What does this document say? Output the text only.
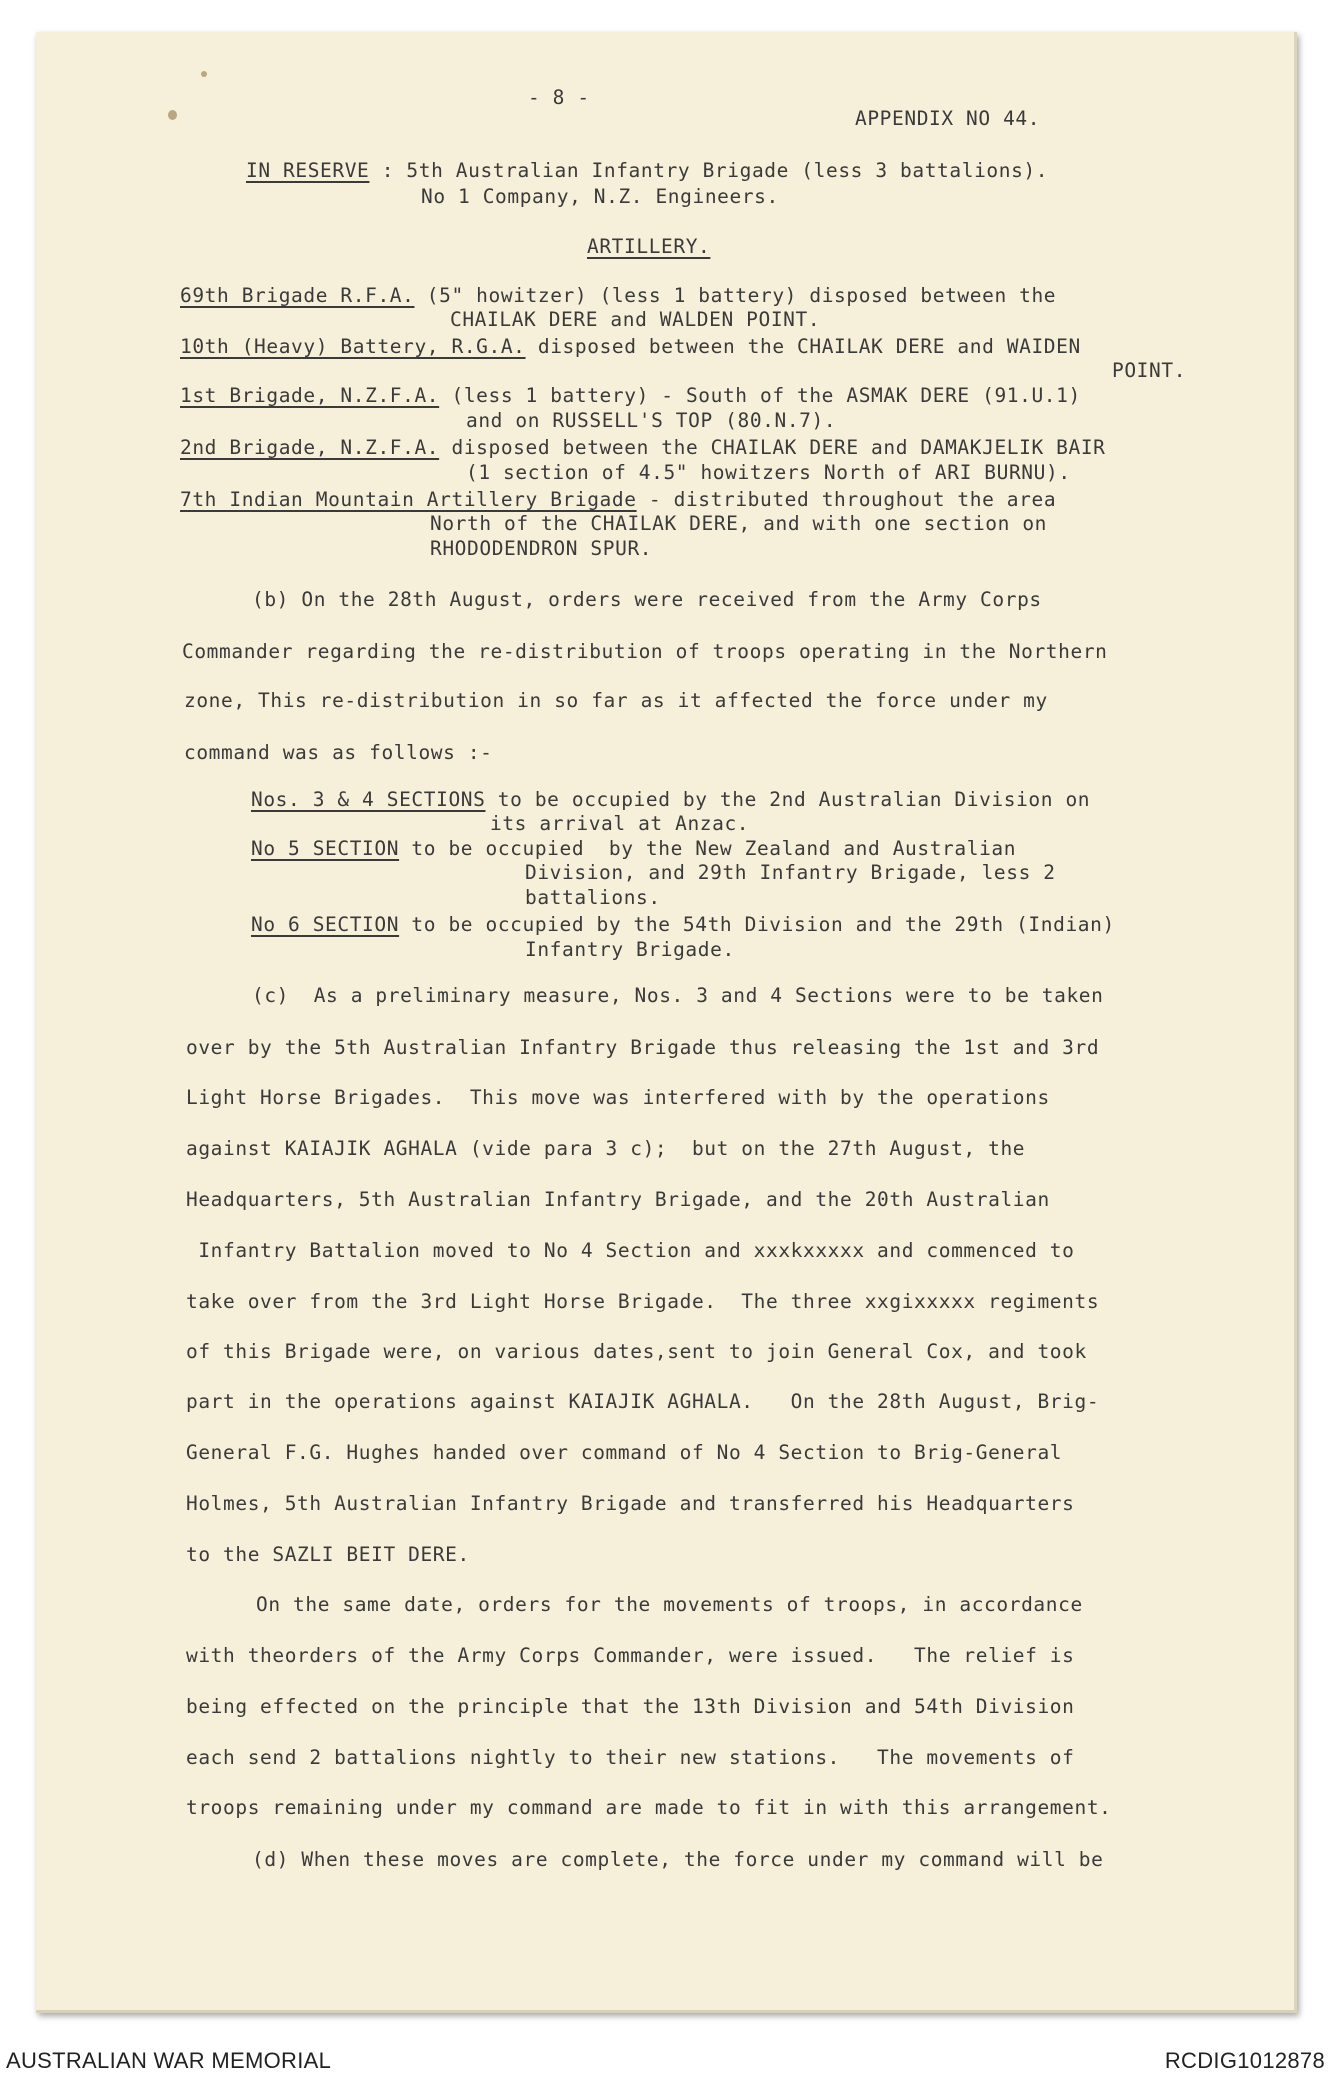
- 8 -
APPENDIX NO 44.
IN RESERVE : 5th Australian Infantry Brigade (less 3 battalions).
No 1 Company, N.Z. Engineers.
ARTILLERY.
69th Brigade R.F.A. (5" howitzer) (less 1 battery) disposed between the
CHAILAK DERE and WALDEN POINT.
10th (Heavy) Battery, R.G.A. disposed between the CHAILAK DERE and WAIDEN
POINT.
1st Brigade, N.Z.F.A. (less 1 battery) - South of the ASMAK DERE (91.U.1)
and on RUSSELL'S TOP (80.N.7).
2nd Brigade, N.Z.F.A. disposed between the CHAILAK DERE and DAMAKJELIK BAIR
(1 section of 4.5" howitzers North of ARI BURNU).
7th Indian Mountain Artillery Brigade - distributed throughout the area
North of the CHAILAK DERE, and with one section on
RHODODENDRON SPUR.
(b) On the 28th August, orders were received from the Army Corps
Commander regarding the re-distribution of troops operating in the Northern
zone, This re-distribution in so far as it affected the force under my
command was as follows :-
Nos. 3 & 4 SECTIONS to be occupied by the 2nd Australian Division on
its arrival at Anzac.
No 5 SECTION to be occupied  by the New Zealand and Australian
Division, and 29th Infantry Brigade, less 2
battalions.
No 6 SECTION to be occupied by the 54th Division and the 29th (Indian)
Infantry Brigade.
(c)  As a preliminary measure, Nos. 3 and 4 Sections were to be taken
over by the 5th Australian Infantry Brigade thus releasing the 1st and 3rd
Light Horse Brigades.  This move was interfered with by the operations
against KAIAJIK AGHALA (vide para 3 c);  but on the 27th August, the
Headquarters, 5th Australian Infantry Brigade, and the 20th Australian
Infantry Battalion moved to No 4 Section and xxxkxxxxx and commenced to
take over from the 3rd Light Horse Brigade.  The three xxgixxxxx regiments
of this Brigade were, on various dates,sent to join General Cox, and took
part in the operations against KAIAJIK AGHALA.   On the 28th August, Brig-
General F.G. Hughes handed over command of No 4 Section to Brig-General
Holmes, 5th Australian Infantry Brigade and transferred his Headquarters
to the SAZLI BEIT DERE.
On the same date, orders for the movements of troops, in accordance
with theorders of the Army Corps Commander, were issued.   The relief is
being effected on the principle that the 13th Division and 54th Division
each send 2 battalions nightly to their new stations.   The movements of
troops remaining under my command are made to fit in with this arrangement.
(d) When these moves are complete, the force under my command will be
AUSTRALIAN WAR MEMORIAL	RCDIG1012878
